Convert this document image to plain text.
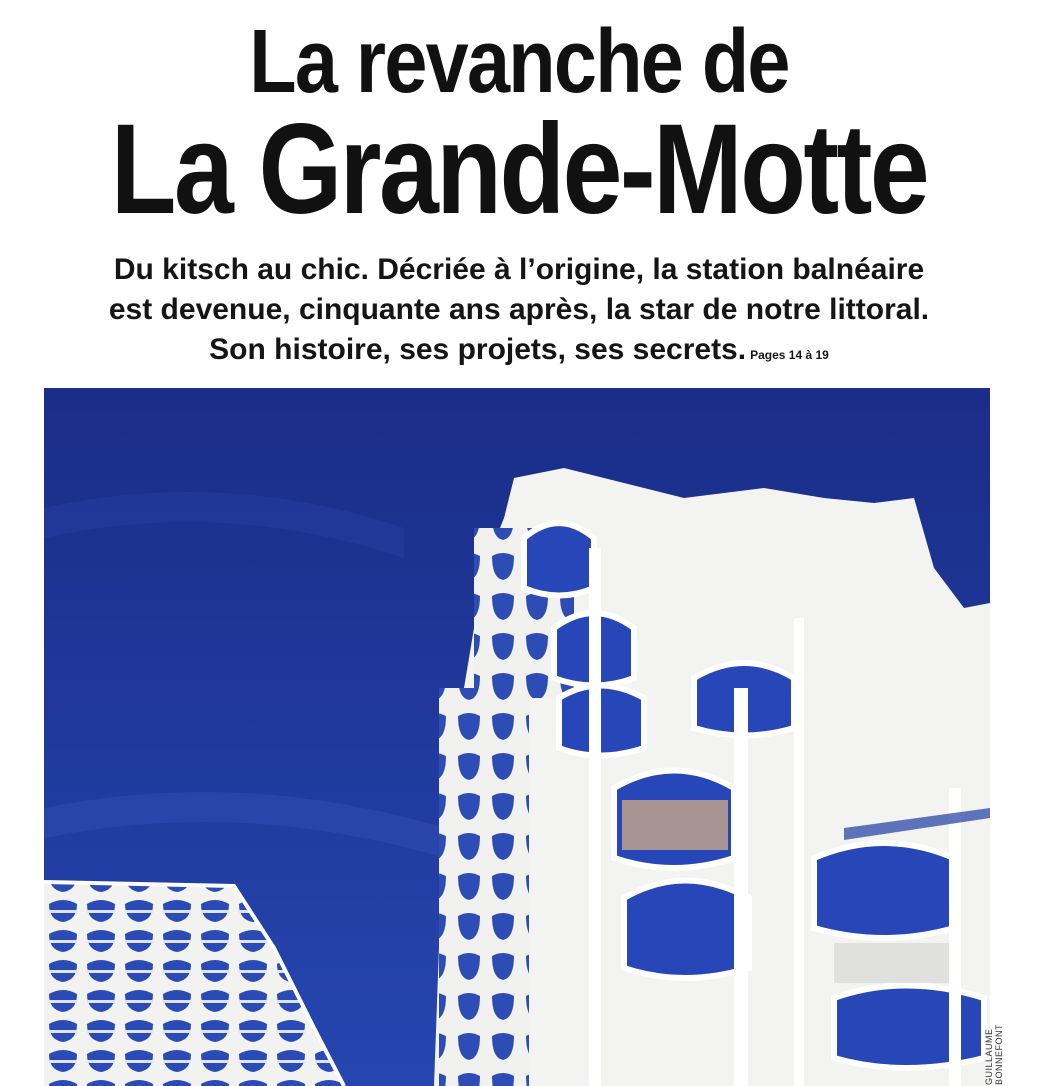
La revanche de
La Grande-Motte
Du kitsch au chic. Décriée à l’origine, la station balnéaire
est devenue, cinquante ans après, la star de notre littoral.
Son histoire, ses projets, ses secrets. Pages 14 à 19
GUILLAUME BONNEFONT
